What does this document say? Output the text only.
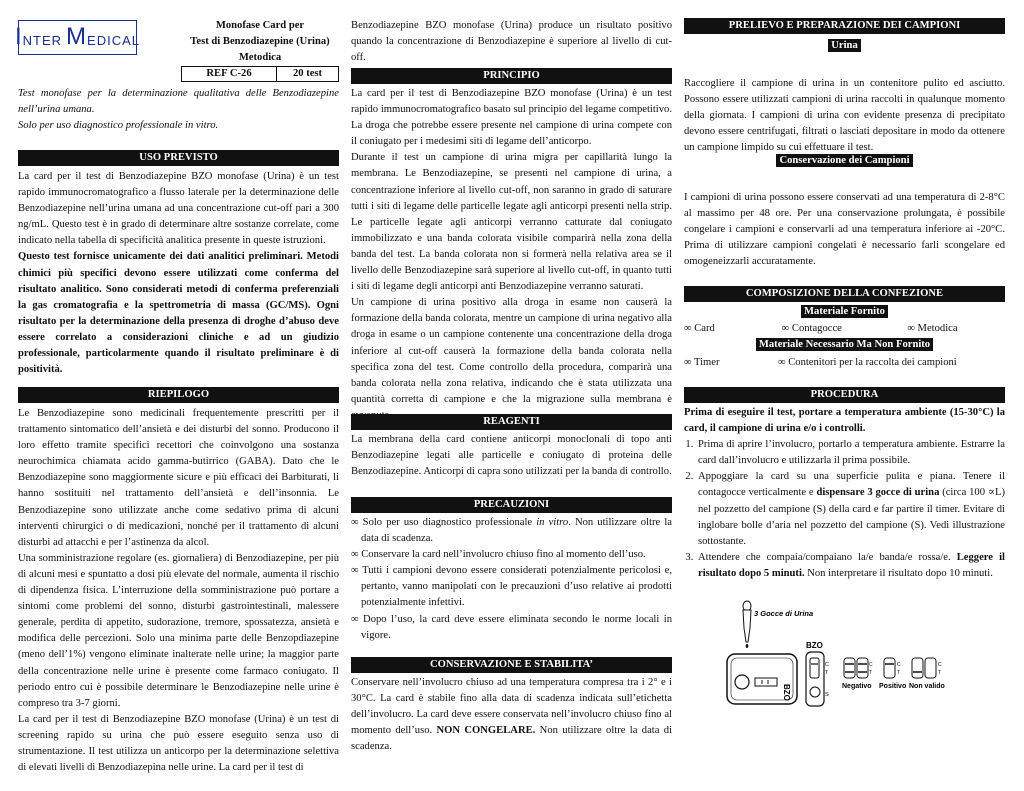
I NTER M EDICAL
Monofase Card per
Test di Benzodiazepine (Urina)
Metodica
REF C-26	20 test

Test monofase per la determinazione qualitativa delle Benzodiazepine nell’urina umana.

Solo per uso diagnostico professionale in vitro.

USO PREVISTO

La card per il test di Benzodiazepine BZO monofase (Urina) è un test rapido immunocromatografico a flusso laterale per la determinazione delle Benzodiazepine nell’urina umana ad una concentrazione cut-off pari a 300 ng/mL. Questo test è in grado di determinare altre sostanze correlate, come indicato nella tabella di specificità analitica presente in queste istruzioni.

Questo test fornisce unicamente dei dati analitici preliminari. Metodi chimici più specifici devono essere utilizzati come conferma del risultato analitico. Sono considerati metodi di conferma preferenziali la gas cromatografia e la spettrometria di massa (GC/MS). Ogni risultato per la determinazione della presenza di droghe d’abuso deve essere correlato a considerazioni cliniche e ad un giudizio professionale, particolarmente quando il risultato preliminare è di positività.

RIEPILOGO

Le Benzodiazepine sono medicinali frequentemente prescritti per il trattamento sintomatico dell’ansietà e dei disturbi del sonno. Producono il loro effetto tramite specifici recettori che coinvolgono una sostanza neurochimica chiamata acido gamma-butirrico (GABA). Dato che le Benzodiazepine sono maggiormente sicure e più efficaci dei Barbiturati, li hanno sostituiti nel trattamento dell’ansietà e dell’insonnia. Le Benzodiazepine sono utilizzate anche come sedativo prima di alcuni interventi chirurgici o di medicazioni, nonché per il trattamento di alcuni disturbi ad attacchi e per l’astinenza da alcol.

Una somministrazione regolare (es. giornaliera) di Benzodiazepine, per più di alcuni mesi e spuntatto a dosi più elevate del normale, aumenta il rischio di dipendenza fisica. L’interruzione della somministrazione può portare a sintomi come problemi del sonno, disturbi gastrointestinali, malessere generale, perdita di appetito, sudorazione, tremore, spossatezza, ansietà e modifica delle percezioni. Solo una minima parte delle Benzopdiazepine (meno dell’1%) vengono eliminate inalterate nelle urine; la maggior parte della concentrazione nelle urine è presente come farmaco coniugato. Il periodo entro cui è possibile determinare le Benzodiazepine nelle urine è compreso tra 3-7 giorni.

La card per il test di Benzodiazepine BZO monofase (Urina) è un test di screening rapido su urina che può essere eseguito senza uso di strumentazione. Il test utilizza un anticorpo per la determinazione selettiva di elevati livelli di Benzodiazepina nelle urine. La card per il test di

Benzodiazepine BZO monofase (Urina) produce un risultato positivo quando la concentrazione di Benzodiazepine è superiore al livello di cut-off.

PRINCIPIO

La card per il test di Benzodiazepine BZO monofase (Urina) è un test rapido immunocromatografico basato sul principio del legame competitivo. La droga che potrebbe essere presente nel campione di urina compete con il coniugato per i medesimi siti di legame dell’anticorpo.

Durante il test un campione di urina migra per capillarità lungo la membrana. Le Benzodiazepine, se presenti nel campione di urina, a concentrazione inferiore al livello cut-off, non saranno in grado di saturare tutti i siti di legame delle particelle legate agli anticorpi presenti nella strip. Le particelle legate agli anticorpi verranno catturate dal coniugato immobilizzato e una banda colorata visibile comparirà nella zona della banda del test. La banda colorata non si formerà nella relativa area se il livello delle Benzodiazepine sarà superiore al livello cut-off, in quanto tutti i siti di legame degli anticorpi anti Benzodiazepine verranno saturati.

Un campione di urina positivo alla droga in esame non causerà la formazione della banda colorata, mentre un campione di urina negativo alla droga in esame o un campione contenente una concentrazione della droga inferiore al cut-off causerà la formazione della banda colorata nella specifica zona del test. Come controllo della procedura, comparirà una banda colorata nella zona relativa, indicando che è stata utilizzata una quantità corretta di campione e che la migrazione sulla membrana è

REAGENTI

La membrana della card contiene anticorpi monoclonali di topo anti Benzodiazepine legati alle particelle e coniugato di proteina delle Benzodiazepine. Anticorpi di capra sono utilizzati per la banda di controllo.

PRECAUZIONI

∞ Solo per uso diagnostico professionale in vitro. Non utilizzare oltre la data di scadenza.

∞ Conservare la card nell’involucro chiuso fino al momento dell’uso.

∞ Tutti i campioni devono essere considerati potenzialmente pericolosi e, pertanto, vanno manipolati con le precauzioni d’uso relative ai prodotti potenzialmente infettivi.

∞ Dopo l’uso, la card deve essere eliminata secondo le norme locali in vigore.

CONSERVAZIONE E STABILITA’

Conservare nell’involucro chiuso ad una temperatura compresa tra i 2° e i 30°C. La card è stabile fino alla data di scadenza indicata sull’etichetta dell’involucro. La card deve essere conservata nell’involucro chiuso fino al momento dell’uso. NON CONGELARE. Non utilizzare oltre la data di scadenza.

PRELIEVO E PREPARAZIONE DEI CAMPIONI
Urina

Raccogliere il campione di urina in un contenitore pulito ed asciutto. Possono essere utilizzati campioni di urina raccolti in qualunque momento della giornata. I campioni di urina con evidente presenza di precipitato devono essere centrifugati, filtrati o lasciati depositare in modo da ottenere un campione limpido su cui effettuare il test.

Conservazione dei Campioni

I campioni di urina possono essere conservati ad una temperatura di 2-8°C al massimo per 48 ore. Per una conservazione prolungata, è possibile congelare i campioni e conservarli ad una temperatura inferiore ai -20°C. Prima di utilizzare campioni congelati è necessario farli scongelare ed omogeneizzarli accuratamente.

COMPOSIZIONE DELLA CONFEZIONE
Materiale Fornito
∞ Card	∞ Contagocce	∞ Metodica
Materiale Necessario Ma Non Fornito
∞ Timer	∞ Contenitori per la raccolta dei campioni
PROCEDURA

Prima di eseguire il test, portare a temperatura ambiente (15-30°C) la card, il campione di urina e/o i controlli.

1. Prima di aprire l’involucro, portarlo a temperatura ambiente. Estrarre la card dall’involucro e utilizzarla il prima possibile.
2. Appoggiare la card su una superficie pulita e piana. Tenere il contagocce verticalmente e dispensare 3 gocce di urina (circa 100 ∝L) nel pozzetto del campione (S) della card e far partire il timer. Evitare di inglobare bolle d’aria nel pozzetto del campione (S). Vedi illustrazione sottostante.
3. Attendere che compaia/compaiano la/e banda/e rossa/e. Leggere il risultato dopo 5 minuti. Non interpretare il risultato dopo 10 minuti.
3 Gocce di Urina
BZO
BZO
C
T
S
C
T
C
T
C
T
Negativo Positivo Non valido
